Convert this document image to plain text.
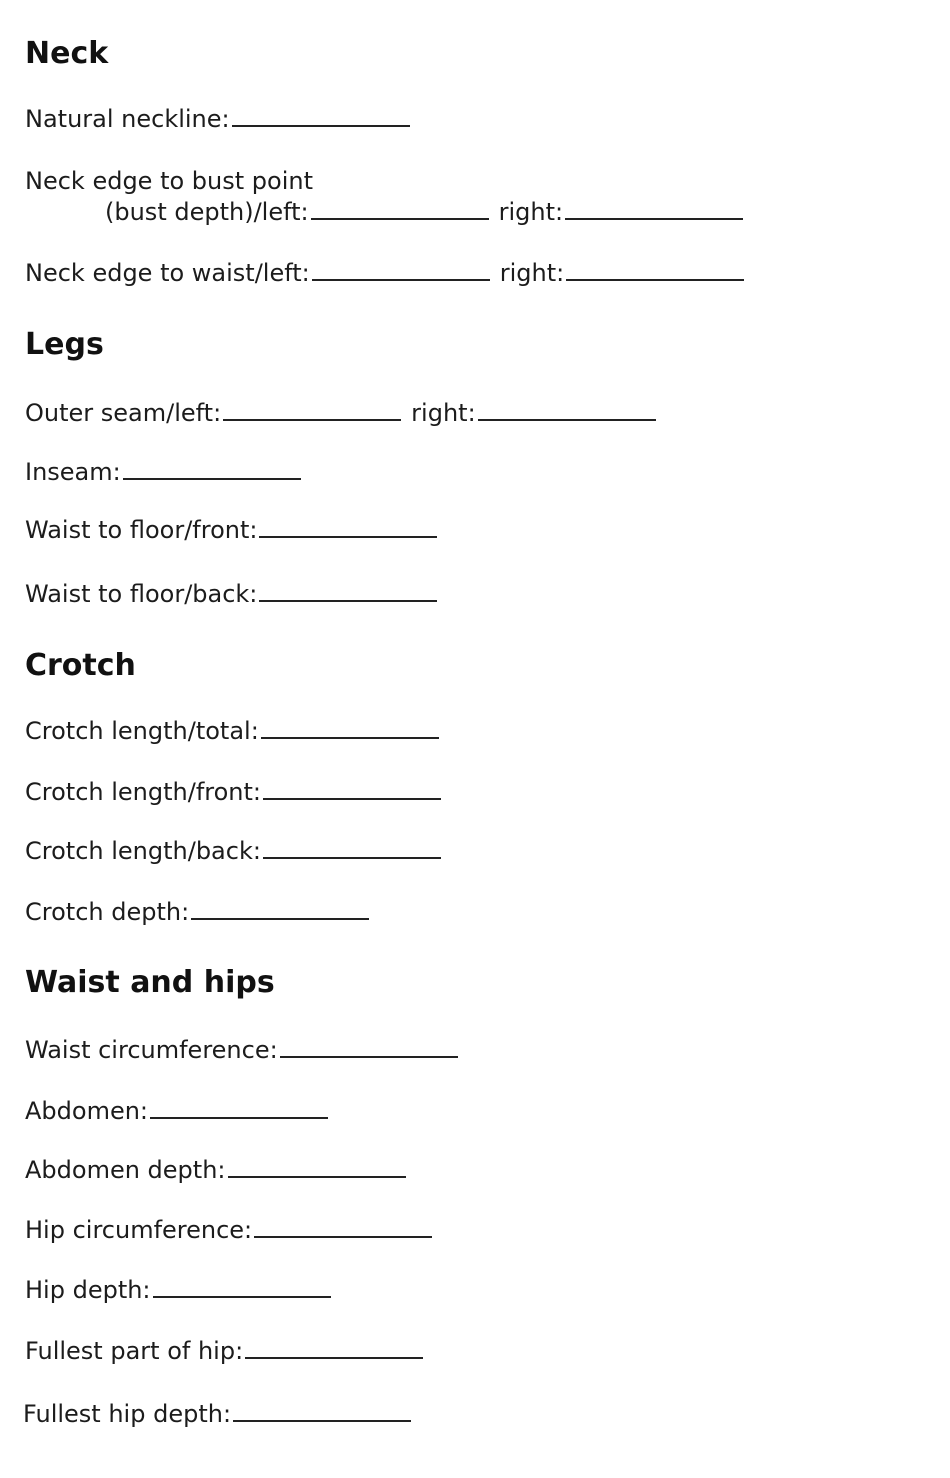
Neck
Natural neckline:
Neck edge to bust point
(bust depth)/left:	right:
Neck edge to waist/left:	right:
Legs
Outer seam/left:	right:
Inseam:
Waist to floor/front:
Waist to floor/back:
Crotch
Crotch length/total:
Crotch length/front:
Crotch length/back:
Crotch depth:
Waist and hips
Waist circumference:
Abdomen:
Abdomen depth:
Hip circumference:
Hip depth:
Fullest part of hip:
Fullest hip depth:
